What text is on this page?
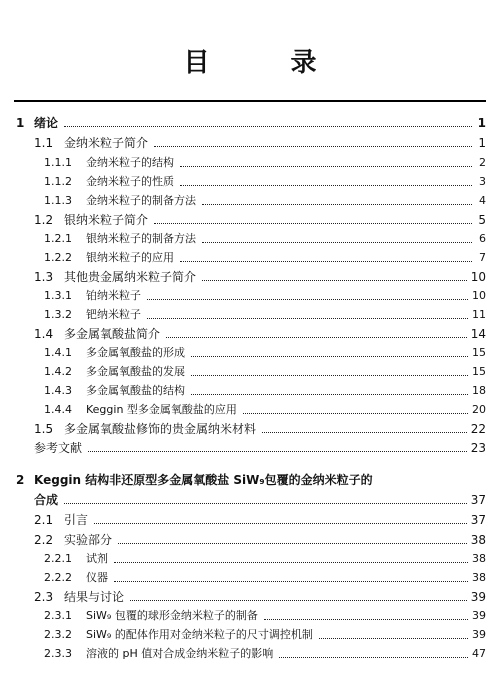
目 录
1 绪论	1
1.1 金纳米粒子简介	1
1.1.1	金纳米粒子的结构	2
1.1.2	金纳米粒子的性质	3
1.1.3	金纳米粒子的制备方法	4
1.2 银纳米粒子简介	5
1.2.1	银纳米粒子的制备方法	6
1.2.2	银纳米粒子的应用	7
1.3 其他贵金属纳米粒子简介	10
1.3.1	铂纳米粒子	10
1.3.2	钯纳米粒子	11
1.4 多金属氧酸盐简介	14
1.4.1	多金属氧酸盐的形成	15
1.4.2	多金属氧酸盐的发展	15
1.4.3	多金属氧酸盐的结构	18
1.4.4	Keggin 型多金属氧酸盐的应用	20
1.5 多金属氧酸盐修饰的贵金属纳米材料	22
参考文献	23
2 Keggin 结构非还原型多金属氧酸盐 SiW₉包覆的金纳米粒子的
合成	37
2.1 引言	37
2.2 实验部分	38
2.2.1	试剂	38
2.2.2	仪器	38
2.3 结果与讨论	39
2.3.1	SiW₉ 包覆的球形金纳米粒子的制备	39
2.3.2	SiW₉ 的配体作用对金纳米粒子的尺寸调控机制	39
2.3.3	溶液的 pH 值对合成金纳米粒子的影响	47
